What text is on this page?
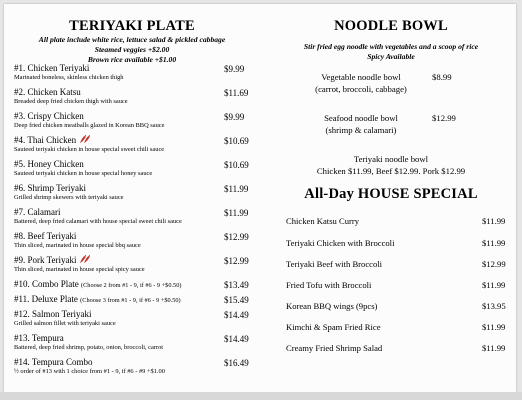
TERIYAKI PLATE
All plate include white rice, lettuce salad & pickled cabbage
Steamed veggies +$2.00
Brown rice available +$1.00
#1. Chicken Teriyaki
Marinated boneless, skinless chicken thigh
$9.99
#2. Chicken Katsu
Breaded deep fried chicken thigh with sauce
$11.69
#3. Crispy Chicken
Deep fried chicken meatballs glazed in Korean BBQ sauce
$9.99
#4. Thai Chicken
Sauteed teriyaki chicken in house special sweet chili sauce
$10.69
#5. Honey Chicken
Sauteed teriyaki chicken in house special honey sauce
$10.69
#6. Shrimp Teriyaki
Grilled shrimp skewers with teriyaki sauce
$11.99
#7. Calamari
Battered, deep fried calamari with house special sweet chili sauce
$11.99
#8. Beef Teriyaki
Thin sliced, marinated in house special bbq sauce
$12.99
#9. Pork Teriyaki
Thin sliced, marinated in house special spicy sauce
$12.99
#10. Combo Plate (Choose 2 from #1 - 9, if #6 - 9 +$0.50)	$13.49
#11. Deluxe Plate (Choose 3 from #1 - 9, if #6 - 9 +$0.50)	$15.49
#12. Salmon Teriyaki
Grilled salmon fillet with teriyaki sauce
$14.49
#13. Tempura
Battered, deep fried shrimp, potato, onion, broccoli, carrot
$14.49
#14. Tempura Combo
½ order of #13 with 1 choice from #1 - 9, if #6 - #9 +$1.00
$16.49
NOODLE BOWL
Stir fried egg noodle with vegetables and a scoop of rice
Spicy Available
Vegetable noodle bowl
(carrot, broccoli, cabbage)
$8.99
Seafood noodle bowl
(shrimp & calamari)
$12.99
Teriyaki noodle bowl
Chicken $11.99, Beef $12.99. Pork $12.99
All-Day HOUSE SPECIAL
Chicken Katsu Curry	$11.99
Teriyaki Chicken with Broccoli	$11.99
Teriyaki Beef with Broccoli	$12.99
Fried Tofu with Broccoli	$11.99
Korean BBQ wings (9pcs)	$13.95
Kimchi & Spam Fried Rice	$11.99
Creamy Fried Shrimp Salad	$11.99
